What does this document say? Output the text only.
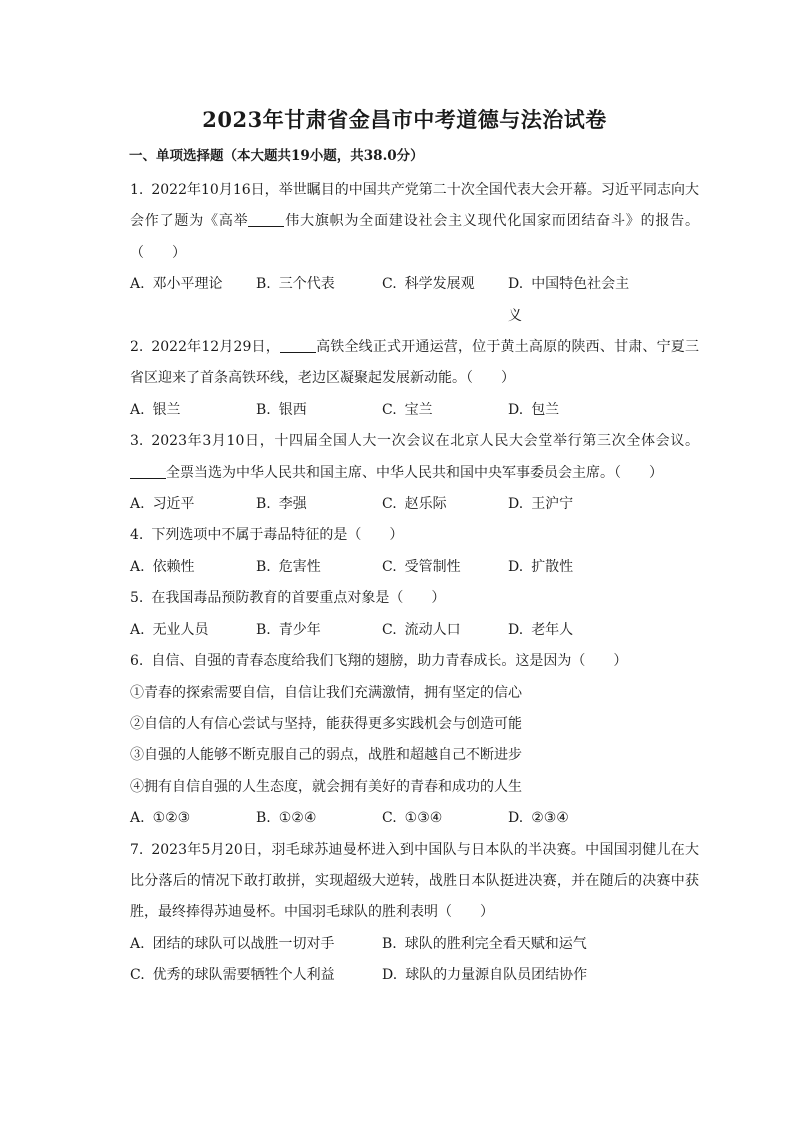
2023年甘肃省金昌市中考道德与法治试卷
一、单项选择题（本大题共19小题，共38.0分）

1. 2022年10月16日，举世瞩目的中国共产党第二十次全国代表大会开幕。习近平同志向大会作了题为《高举	伟大旗帜为全面建设社会主义现代化国家而团结奋斗》的报告。（　　）

A. 邓小平理论	B. 三个代表	C. 科学发展观	D. 中国特色社会主义

2. 2022年12月29日，	高铁全线正式开通运营，位于黄土高原的陕西、甘肃、宁夏三省区迎来了首条高铁环线，老边区凝聚起发展新动能。（　　）

A. 银兰	B. 银西	C. 宝兰	D. 包兰

3. 2023年3月10日，十四届全国人大一次会议在北京人民大会堂举行第三次全体会议。全票当选为中华人民共和国主席、中华人民共和国中央军事委员会主席。（　　）

A. 习近平	B. 李强	C. 赵乐际	D. 王沪宁

4. 下列选项中不属于毒品特征的是（　　）

A. 依赖性	B. 危害性	C. 受管制性	D. 扩散性

5. 在我国毒品预防教育的首要重点对象是（　　）

A. 无业人员	B. 青少年	C. 流动人口	D. 老年人

6. 自信、自强的青春态度给我们飞翔的翅膀，助力青春成长。这是因为（　　）

①青春的探索需要自信，自信让我们充满激情，拥有坚定的信心

②自信的人有信心尝试与坚持，能获得更多实践机会与创造可能

③自强的人能够不断克服自己的弱点，战胜和超越自己不断进步

④拥有自信自强的人生态度，就会拥有美好的青春和成功的人生

A. ①②③	B. ①②④	C. ①③④	D. ②③④

7. 2023年5月20日，羽毛球苏迪曼杯进入到中国队与日本队的半决赛。中国国羽健儿在大比分落后的情况下敢打敢拼，实现超级大逆转，战胜日本队挺进决赛，并在随后的决赛中获胜，最终捧得苏迪曼杯。中国羽毛球队的胜利表明（　　）

A. 团结的球队可以战胜一切对手	B. 球队的胜利完全看天赋和运气
C. 优秀的球队需要牺牲个人利益	D. 球队的力量源自队员团结协作
